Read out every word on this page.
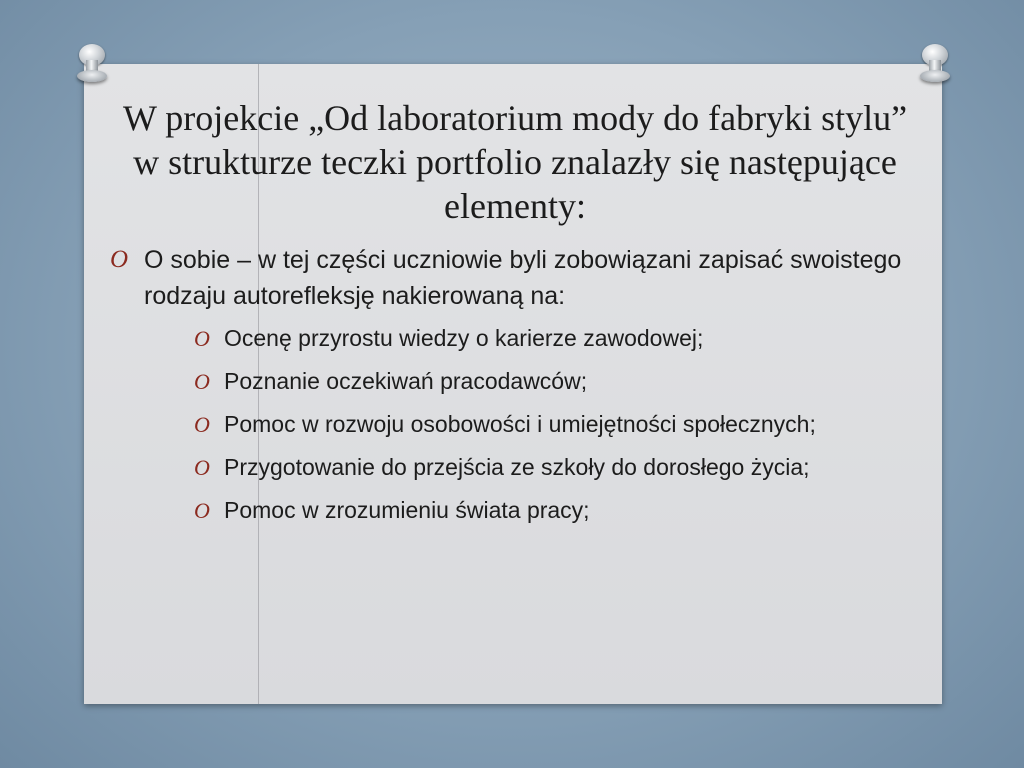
W projekcie „Od laboratorium mody do fabryki stylu” w strukturze teczki portfolio znalazły się następujące elementy:
O O sobie – w tej części uczniowie byli zobowiązani zapisać swoistego rodzaju autorefleksję nakierowaną na:
O Ocenę przyrostu wiedzy o karierze zawodowej;
O Poznanie oczekiwań pracodawców;
O Pomoc w rozwoju osobowości i umiejętności społecznych;
O Przygotowanie do przejścia ze szkoły do dorosłego życia;
O Pomoc w zrozumieniu świata pracy;
